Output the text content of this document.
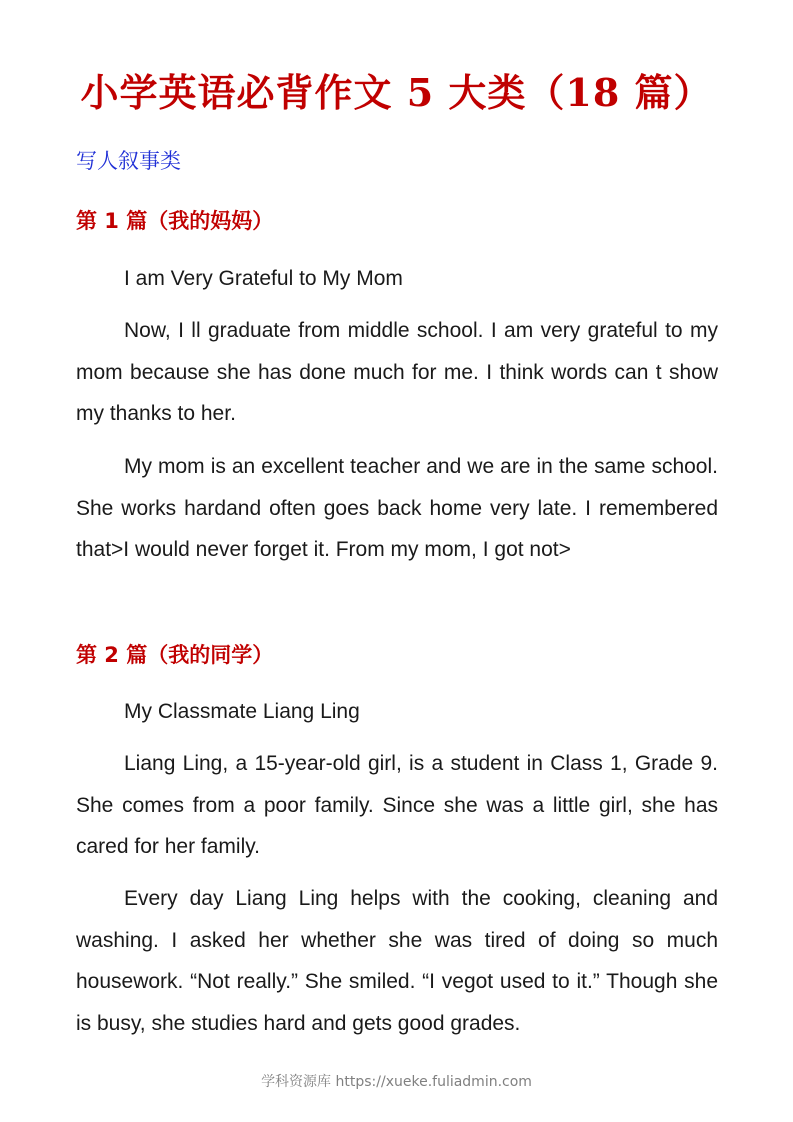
小学英语必背作文 5 大类（18 篇）
写人叙事类
第 1 篇（我的妈妈）
I am Very Grateful to My Mom

Now, I ll graduate from middle school. I am very grateful to my mom because she has done much for me. I think words can t show my thanks to her.

My mom is an excellent teacher and we are in the same school. She works hardand often goes back home very late. I remembered that>I would never forget it. From my mom, I got not>

第 2 篇（我的同学）
My Classmate Liang Ling

Liang Ling, a 15-year-old girl, is a student in Class 1, Grade 9. She comes from a poor family. Since she was a little girl, she has cared for her family.

Every day Liang Ling helps with the cooking, cleaning and washing. I asked her whether she was tired of doing so much housework. “Not really.” She smiled. “I vegot used to it.” Though she is busy, she studies hard and gets good grades.

学科资源库 https://xueke.fuliadmin.com
